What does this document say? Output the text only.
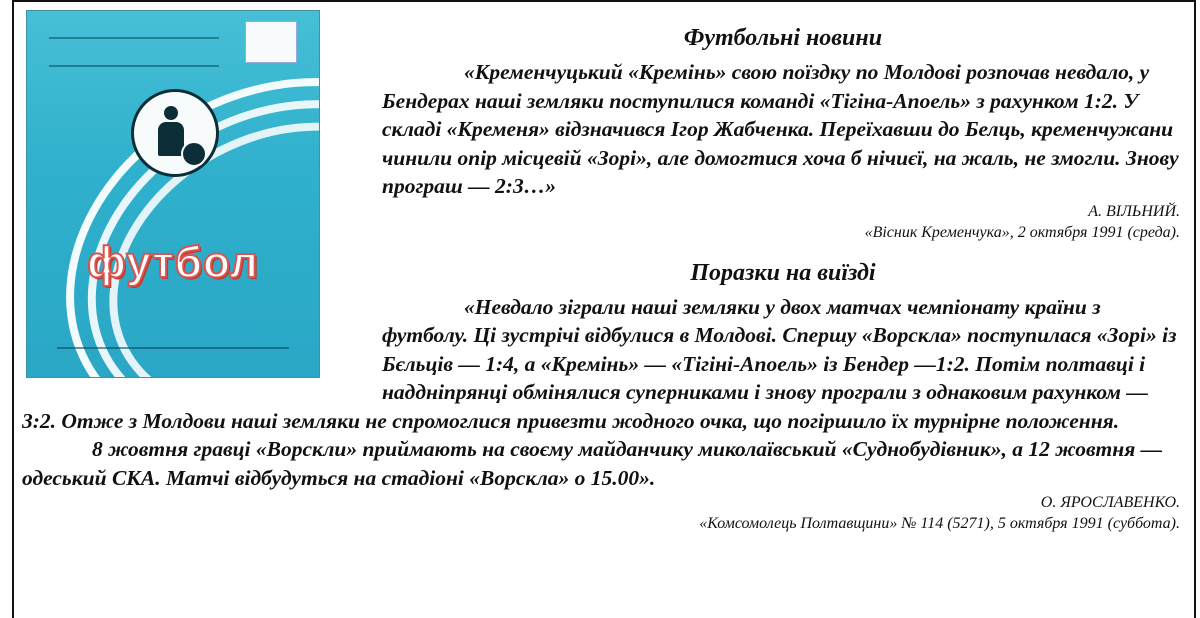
футбол
Футбольні новини

«Кременчуцький «Кремінь» свою поїздку по Молдові розпочав невдало, у Бендерах наші земляки поступилися команді «Тігіна-Апоель» з рахунком 1:2. У складі «Кременя» відзначився Ігор Жабченка. Переїхавши до Белць, кременчужани чинили опір місцевій «Зорі», але домогтися хоча б нічиєї, на жаль, не змогли. Знову програш — 2:3…»

А. ВІЛЬНИЙ.

«Вісник Кременчука», 2 октября 1991 (среда).

Поразки на виїзді

«Невдало зіграли наші земляки у двох матчах чемпіонату країни з футболу. Ці зустрічі відбулися в Молдові. Спершу «Ворскла» поступилася «Зорі» із Бєльців — 1:4, а «Кремінь» — «Тігіні-Апоель» із Бендер —1:2. Потім полтавці і наддніпрянці обмінялися суперниками і знову програли з однаковим рахунком — 3:2. Отже з Молдови наші земляки не спромоглися привезти жодного очка, що погіршило їх турнірне положення.

8 жовтня гравці «Ворскли» приймають на своєму майданчику миколаївський «Суднобудівник», а 12 жовтня — одеський СКА. Матчі відбудуться на стадіоні «Ворскла» о 15.00».

О. ЯРОСЛАВЕНКО.

«Комсомолець Полтавщини» № 114 (5271), 5 октября 1991 (суббота).
